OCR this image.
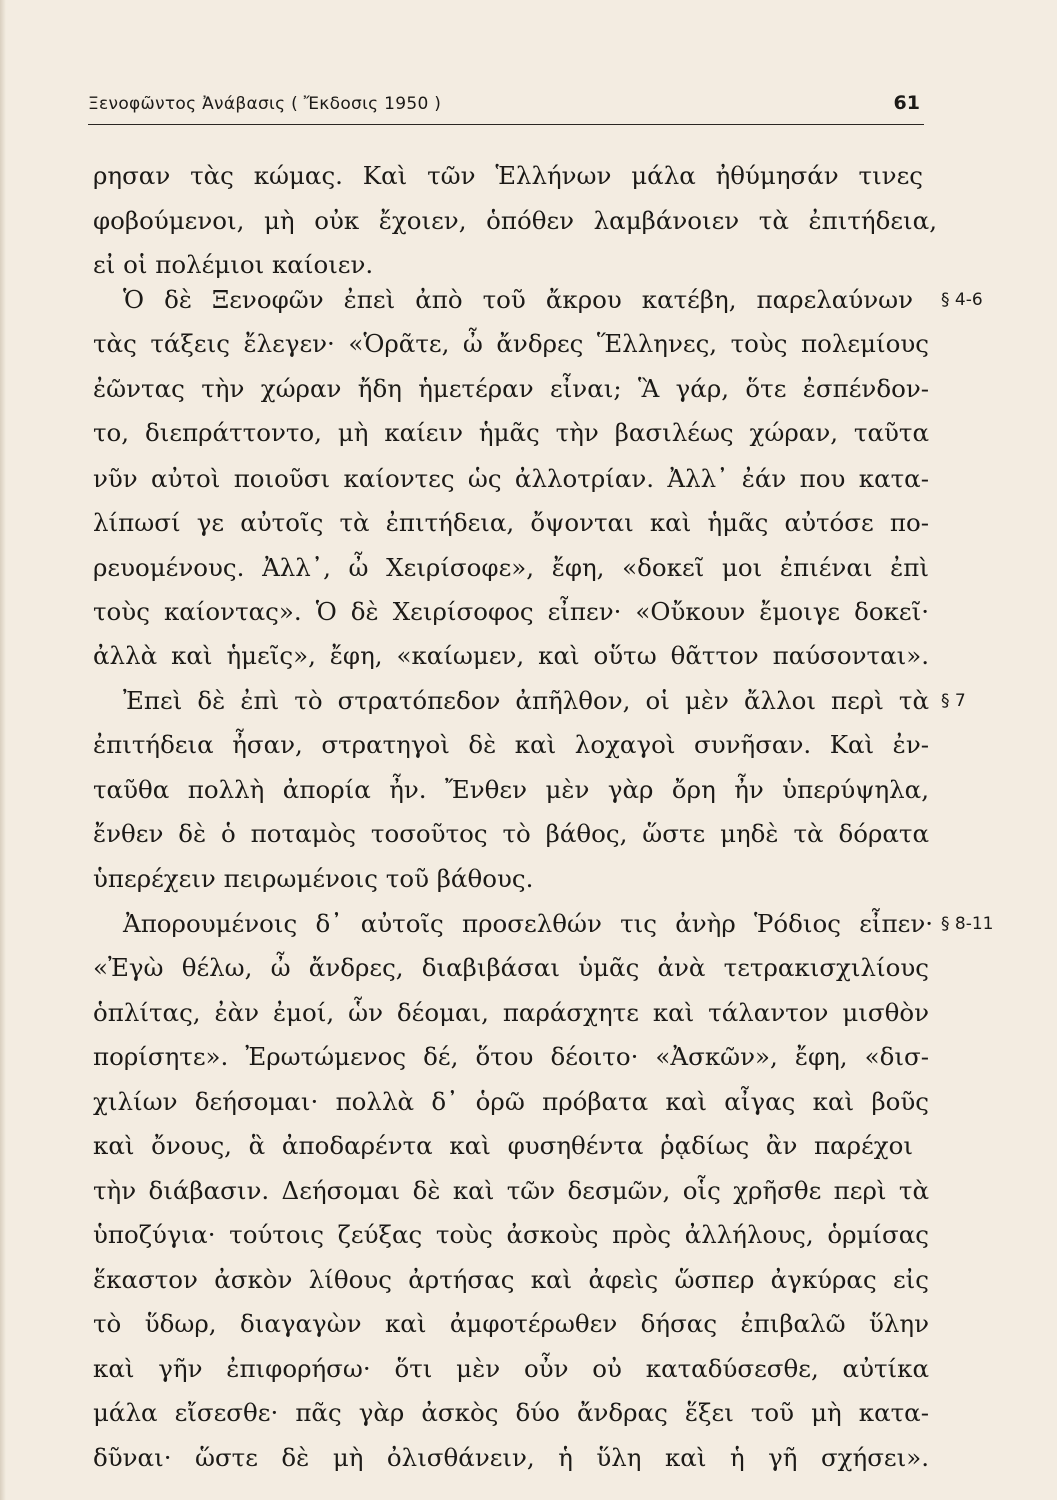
Ξενοφῶντος Ἀνάβασις ( Ἔκδοσις 1950 )	61
ρησαν τὰς κώμας. Καὶ τῶν Ἑλλήνων μάλα ἠθύμησάν τινες
φοβούμενοι, μὴ οὐκ ἔχοιεν, ὁπόθεν λαμβάνοιεν τὰ ἐπιτήδεια,
εἰ οἱ πολέμιοι καίοιεν.
Ὁ δὲ Ξενοφῶν ἐπεὶ ἀπὸ τοῦ ἄκρου κατέβη, παρελαύνων
τὰς τάξεις ἔλεγεν· «Ὁρᾶτε, ὦ ἄνδρες Ἕλληνες, τοὺς πολεμίους
ἐῶντας τὴν χώραν ἤδη ἡμετέραν εἶναι; Ἃ γάρ, ὅτε ἐσπένδον-
το, διεπράττοντο, μὴ καίειν ἡμᾶς τὴν βασιλέως χώραν, ταῦτα
νῦν αὐτοὶ ποιοῦσι καίοντες ὡς ἀλλοτρίαν. Ἀλλ᾽ ἐάν που κατα-
λίπωσί γε αὐτοῖς τὰ ἐπιτήδεια, ὄψονται καὶ ἡμᾶς αὐτόσε πο-
ρευομένους. Ἀλλ᾽, ὦ Χειρίσοφε», ἔφη, «δοκεῖ μοι ἐπιέναι ἐπὶ
τοὺς καίοντας». Ὁ δὲ Χειρίσοφος εἶπεν· «Οὔκουν ἔμοιγε δοκεῖ·
ἀλλὰ καὶ ἡμεῖς», ἔφη, «καίωμεν, καὶ οὕτω θᾶττον παύσονται».
Ἐπεὶ δὲ ἐπὶ τὸ στρατόπεδον ἀπῆλθον, οἱ μὲν ἄλλοι περὶ τὰ
ἐπιτήδεια ἦσαν, στρατηγοὶ δὲ καὶ λοχαγοὶ συνῆσαν. Καὶ ἐν-
ταῦθα πολλὴ ἀπορία ἦν. Ἔνθεν μὲν γὰρ ὄρη ἦν ὑπερύψηλα,
ἔνθεν δὲ ὁ ποταμὸς τοσοῦτος τὸ βάθος, ὥστε μηδὲ τὰ δόρατα
ὑπερέχειν πειρωμένοις τοῦ βάθους.
Ἀπορουμένοις δ᾽ αὐτοῖς προσελθών τις ἀνὴρ Ῥόδιος εἶπεν·
«Ἐγὼ θέλω, ὦ ἄνδρες, διαβιβάσαι ὑμᾶς ἀνὰ τετρακισχιλίους
ὁπλίτας, ἐὰν ἐμοί, ὧν δέομαι, παράσχητε καὶ τάλαντον μισθὸν
πορίσητε». Ἐρωτώμενος δέ, ὅτου δέοιτο· «Ἀσκῶν», ἔφη, «δισ-
χιλίων δεήσομαι· πολλὰ δ᾽ ὁρῶ πρόβατα καὶ αἶγας καὶ βοῦς
καὶ ὄνους, ἃ ἀποδαρέντα καὶ φυσηθέντα ῥᾳδίως ἂν παρέχοι
τὴν διάβασιν. Δεήσομαι δὲ καὶ τῶν δεσμῶν, οἷς χρῆσθε περὶ τὰ
ὑποζύγια· τούτοις ζεύξας τοὺς ἀσκοὺς πρὸς ἀλλήλους, ὁρμίσας
ἕκαστον ἀσκὸν λίθους ἀρτήσας καὶ ἀφεὶς ὥσπερ ἀγκύρας εἰς
τὸ ὕδωρ, διαγαγὼν καὶ ἀμφοτέρωθεν δήσας ἐπιβαλῶ ὕλην
καὶ γῆν ἐπιφορήσω· ὅτι μὲν οὖν οὐ καταδύσεσθε, αὐτίκα
μάλα εἴσεσθε· πᾶς γὰρ ἀσκὸς δύο ἄνδρας ἕξει τοῦ μὴ κατα-
δῦναι· ὥστε δὲ μὴ ὀλισθάνειν, ἡ ὕλη καὶ ἡ γῆ σχήσει».
§ 4-6
§ 7
§ 8-11
